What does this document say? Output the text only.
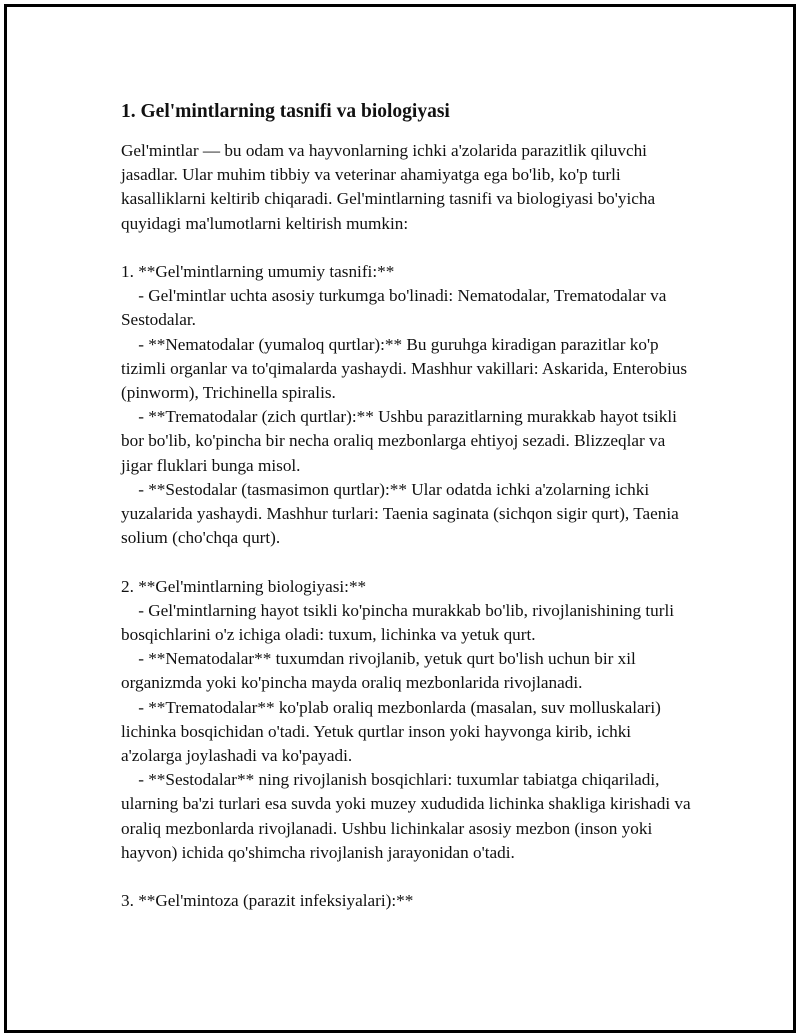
1. Gel'mintlarning tasnifi va biologiyasi

Gel'mintlar — bu odam va hayvonlarning ichki a'zolarida parazitlik qiluvchi jasadlar. Ular muhim tibbiy va veterinar ahamiyatga ega bo'lib, ko'p turli kasalliklarni keltirib chiqaradi. Gel'mintlarning tasnifi va biologiyasi bo'yicha quyidagi ma'lumotlarni keltirish mumkin:

1. **Gel'mintlarning umumiy tasnifi:**
- Gel'mintlar uchta asosiy turkumga bo'linadi: Nematodalar, Trematodalar va Sestodalar.
- **Nematodalar (yumaloq qurtlar):** Bu guruhga kiradigan parazitlar ko'p tizimli organlar va to'qimalarda yashaydi. Mashhur vakillari: Askarida, Enterobius (pinworm), Trichinella spiralis.
- **Trematodalar (zich qurtlar):** Ushbu parazitlarning murakkab hayot tsikli bor bo'lib, ko'pincha bir necha oraliq mezbonlarga ehtiyoj sezadi. Blizzeqlar va jigar fluklari bunga misol.
- **Sestodalar (tasmasimon qurtlar):** Ular odatda ichki a'zolarning ichki yuzalarida yashaydi. Mashhur turlari: Taenia saginata (sichqon sigir qurt), Taenia solium (cho'chqa qurt).
2. **Gel'mintlarning biologiyasi:**
- Gel'mintlarning hayot tsikli ko'pincha murakkab bo'lib, rivojlanishining turli bosqichlarini o'z ichiga oladi: tuxum, lichinka va yetuk qurt.
- **Nematodalar** tuxumdan rivojlanib, yetuk qurt bo'lish uchun bir xil organizmda yoki ko'pincha mayda oraliq mezbonlarida rivojlanadi.
- **Trematodalar** ko'plab oraliq mezbonlarda (masalan, suv molluskalari) lichinka bosqichidan o'tadi. Yetuk qurtlar inson yoki hayvonga kirib, ichki a'zolarga joylashadi va ko'payadi.
- **Sestodalar** ning rivojlanish bosqichlari: tuxumlar tabiatga chiqariladi, ularning ba'zi turlari esa suvda yoki muzey xududida lichinka shakliga kirishadi va oraliq mezbonlarda rivojlanadi. Ushbu lichinkalar asosiy mezbon (inson yoki hayvon) ichida qo'shimcha rivojlanish jarayonidan o'tadi.
3. **Gel'mintoza (parazit infeksiyalari):**
